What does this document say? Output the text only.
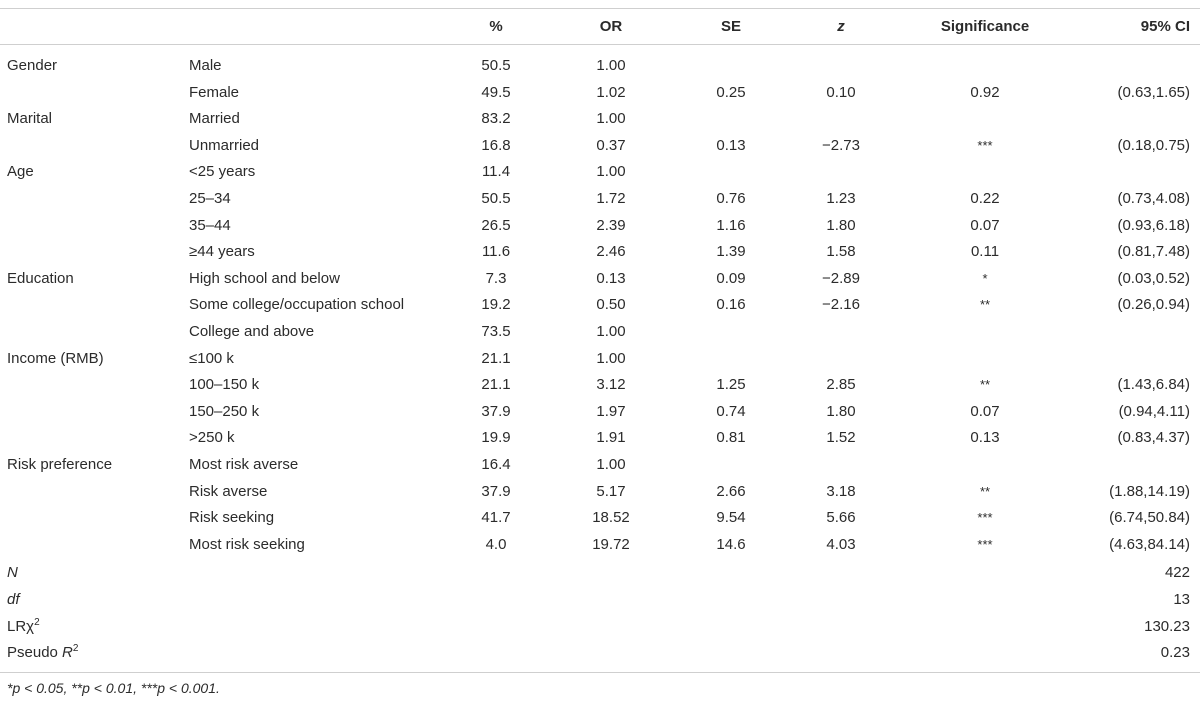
%	OR	SE	z	Significance	95% CI
Gender	Male	50.5	1.00
Female	49.5	1.02	0.25	0.10	0.92	(0.63,1.65)
Marital	Married	83.2	1.00
Unmarried	16.8	0.37	0.13	−2.73	***	(0.18,0.75)
Age	<25 years	11.4	1.00
25–34	50.5	1.72	0.76	1.23	0.22	(0.73,4.08)
35–44	26.5	2.39	1.16	1.80	0.07	(0.93,6.18)
≥44 years	11.6	2.46	1.39	1.58	0.11	(0.81,7.48)
Education	High school and below	7.3	0.13	0.09	−2.89	*	(0.03,0.52)
Some college/occupation school	19.2	0.50	0.16	−2.16	**	(0.26,0.94)
College and above	73.5	1.00
Income (RMB)	≤100 k	21.1	1.00
100–150 k	21.1	3.12	1.25	2.85	**	(1.43,6.84)
150–250 k	37.9	1.97	0.74	1.80	0.07	(0.94,4.11)
>250 k	19.9	1.91	0.81	1.52	0.13	(0.83,4.37)
Risk preference	Most risk averse	16.4	1.00
Risk averse	37.9	5.17	2.66	3.18	**	(1.88,14.19)
Risk seeking	41.7	18.52	9.54	5.66	***	(6.74,50.84)
Most risk seeking	4.0	19.72	14.6	4.03	***	(4.63,84.14)
N	422
df	13
LRχ$^2$	130.23
Pseudo $R^2$	0.23
*p < 0.05, **p < 0.01, ***p < 0.001.
